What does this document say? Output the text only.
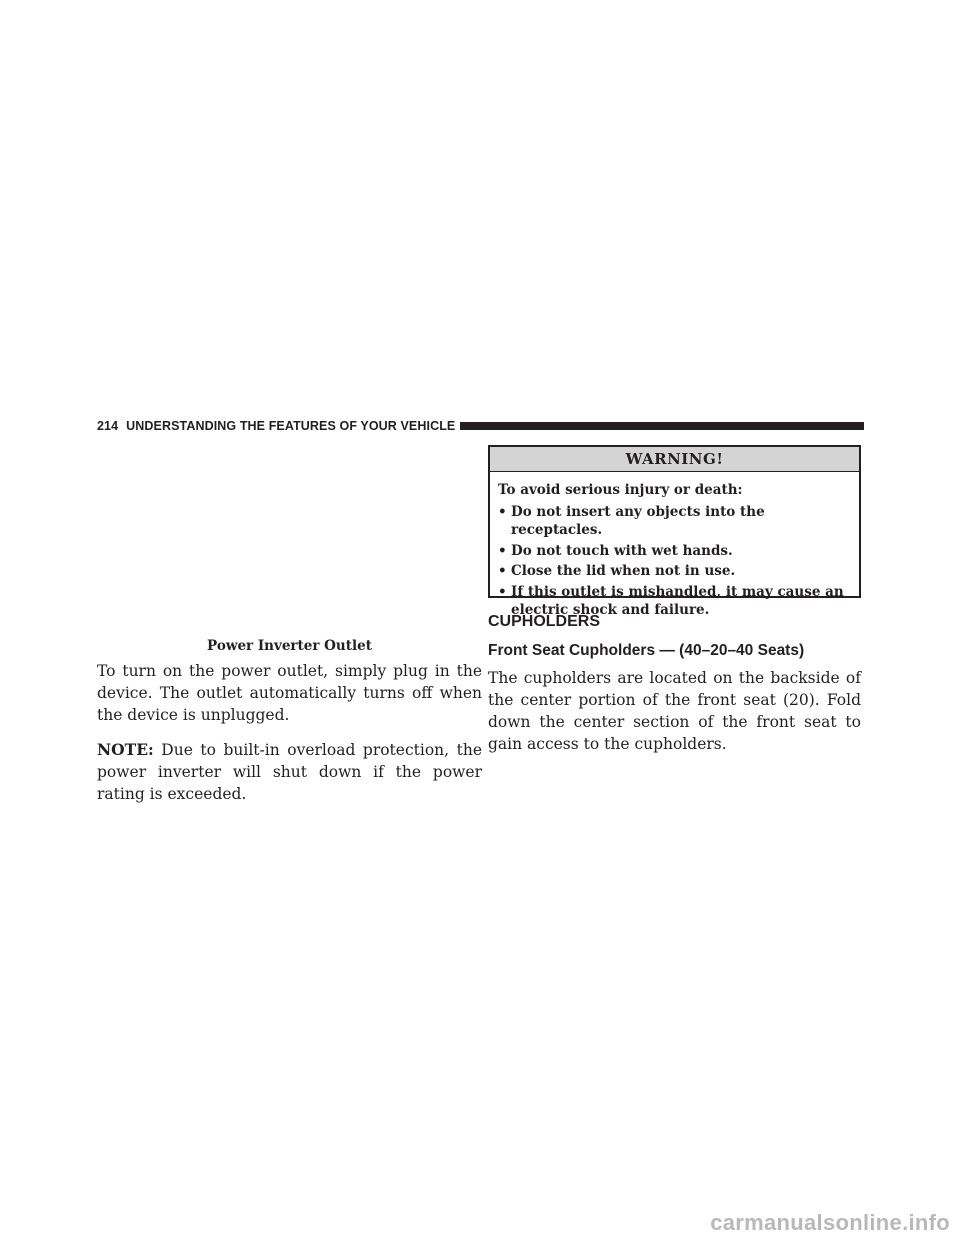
214 UNDERSTANDING THE FEATURES OF YOUR VEHICLE
Power Inverter Outlet

To turn on the power outlet, simply plug in the device. The outlet automatically turns off when the device is unplugged.

NOTE: Due to built-in overload protection, the power inverter will shut down if the power rating is exceeded.

WARNING!
To avoid serious injury or death:
• Do not insert any objects into the receptacles.
• Do not touch with wet hands.
• Close the lid when not in use.
• If this outlet is mishandled, it may cause an electric shock and failure.
CUPHOLDERS
Front Seat Cupholders — (40–20–40 Seats)

The cupholders are located on the backside of the center portion of the front seat (20). Fold down the center section of the front seat to gain access to the cupholders.

carmanualsonline.info
